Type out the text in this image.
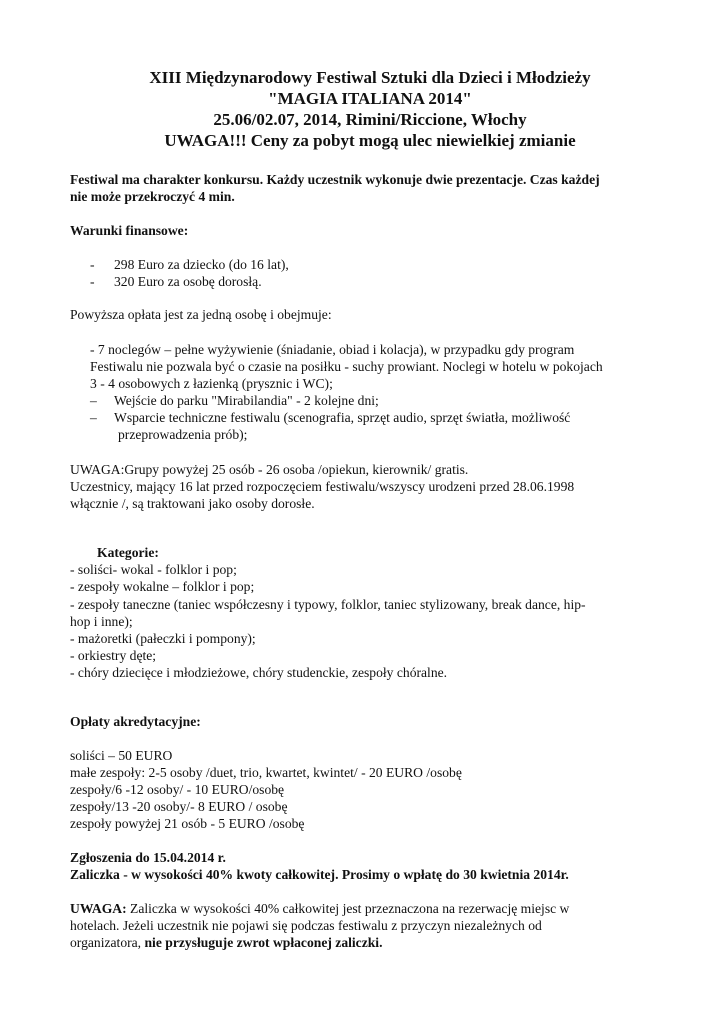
XIII Międzynarodowy Festiwal Sztuki dla Dzieci i Młodzieży
"MAGIA ITALIANA 2014"
25.06/02.07, 2014, Rimini/Riccione, Włochy
UWAGA!!! Ceny za pobyt mogą ulec niewielkiej zmianie
Festiwal ma charakter konkursu. Każdy uczestnik wykonuje dwie prezentacje. Czas każdej
nie może przekroczyć 4 min.
Warunki finansowe:
- 298 Euro za dziecko (do 16 lat),
- 320 Euro za osobę dorosłą.
Powyższa opłata jest za jedną osobę i obejmuje:
- 7 noclegów – pełne wyżywienie (śniadanie, obiad i kolacja), w przypadku gdy program
Festiwalu nie pozwala być o czasie na posiłku - suchy prowiant. Noclegi w hotelu w pokojach
3 - 4 osobowych z łazienką (prysznic i WC);
– Wejście do parku "Mirabilandia" - 2 kolejne dni;
– Wsparcie techniczne festiwalu (scenografia, sprzęt audio, sprzęt światła, możliwość
przeprowadzenia prób);
UWAGA:Grupy powyżej 25 osób - 26 osoba /opiekun, kierownik/ gratis.
Uczestnicy, mający 16 lat przed rozpoczęciem festiwalu/wszyscy urodzeni przed 28.06.1998
włącznie /, są traktowani jako osoby dorosłe.
Kategorie:
- soliści- wokal - folklor i pop;
- zespoły wokalne – folklor i pop;
- zespoły taneczne (taniec współczesny i typowy, folklor, taniec stylizowany, break dance, hip-
hop i inne);
- mażoretki (pałeczki i pompony);
- orkiestry dęte;
- chóry dziecięce i młodzieżowe, chóry studenckie, zespoły chóralne.
Opłaty akredytacyjne:
soliści – 50 EURO
małe zespoły: 2-5 osoby /duet, trio, kwartet, kwintet/ - 20 EURO /osobę
zespoły/6 -12 osoby/ - 10 EURO/osobę
zespoły/13 -20 osoby/- 8 EURO / osobę
zespoły powyżej 21 osób - 5 EURO /osobę
Zgłoszenia do 15.04.2014 r.
Zaliczka - w wysokości 40% kwoty całkowitej. Prosimy o wpłatę do 30 kwietnia 2014r.
UWAGA: Zaliczka w wysokości 40% całkowitej jest przeznaczona na rezerwację miejsc w
hotelach. Jeżeli uczestnik nie pojawi się podczas festiwalu z przyczyn niezależnych od
organizatora, nie przysługuje zwrot wpłaconej zaliczki.
